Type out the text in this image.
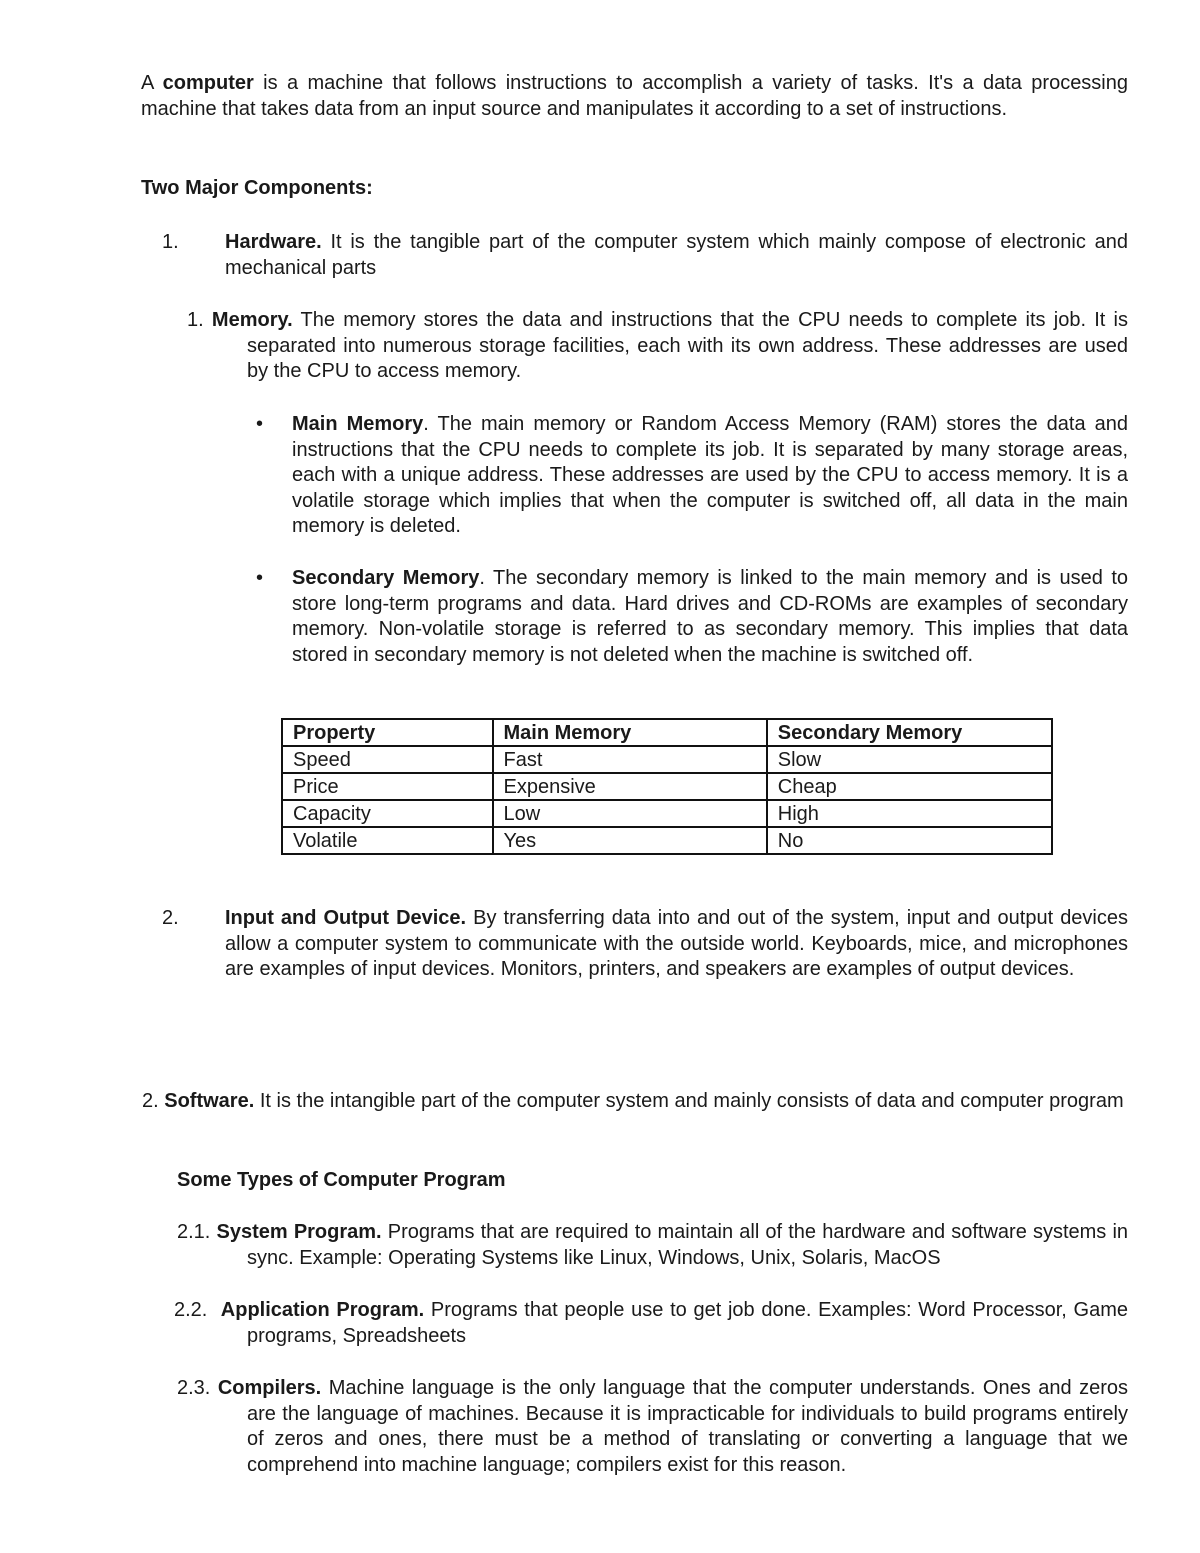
A computer is a machine that follows instructions to accomplish a variety of tasks. It's a data processing machine that takes data from an input source and manipulates it according to a set of instructions.
Two Major Components:
1. Hardware. It is the tangible part of the computer system which mainly compose of electronic and mechanical parts
1. Memory. The memory stores the data and instructions that the CPU needs to complete its job. It is separated into numerous storage facilities, each with its own address. These addresses are used by the CPU to access memory.
• Main Memory. The main memory or Random Access Memory (RAM) stores the data and instructions that the CPU needs to complete its job. It is separated by many storage areas, each with a unique address. These addresses are used by the CPU to access memory. It is a volatile storage which implies that when the computer is switched off, all data in the main memory is deleted.
• Secondary Memory. The secondary memory is linked to the main memory and is used to store long-term programs and data. Hard drives and CD-ROMs are examples of secondary memory. Non-volatile storage is referred to as secondary memory. This implies that data stored in secondary memory is not deleted when the machine is switched off.
Property	Main Memory	Secondary Memory
Speed	Fast	Slow
Price	Expensive	Cheap
Capacity	Low	High
Volatile	Yes	No
2. Input and Output Device. By transferring data into and out of the system, input and output devices allow a computer system to communicate with the outside world. Keyboards, mice, and microphones are examples of input devices. Monitors, printers, and speakers are examples of output devices.
2. Software. It is the intangible part of the computer system and mainly consists of data and computer program
Some Types of Computer Program
2.1. System Program. Programs that are required to maintain all of the hardware and software systems in sync. Example: Operating Systems like Linux, Windows, Unix, Solaris, MacOS
2.2. Application Program. Programs that people use to get job done. Examples: Word Processor, Game programs, Spreadsheets
2.3. Compilers. Machine language is the only language that the computer understands. Ones and zeros are the language of machines. Because it is impracticable for individuals to build programs entirely of zeros and ones, there must be a method of translating or converting a language that we comprehend into machine language; compilers exist for this reason.
